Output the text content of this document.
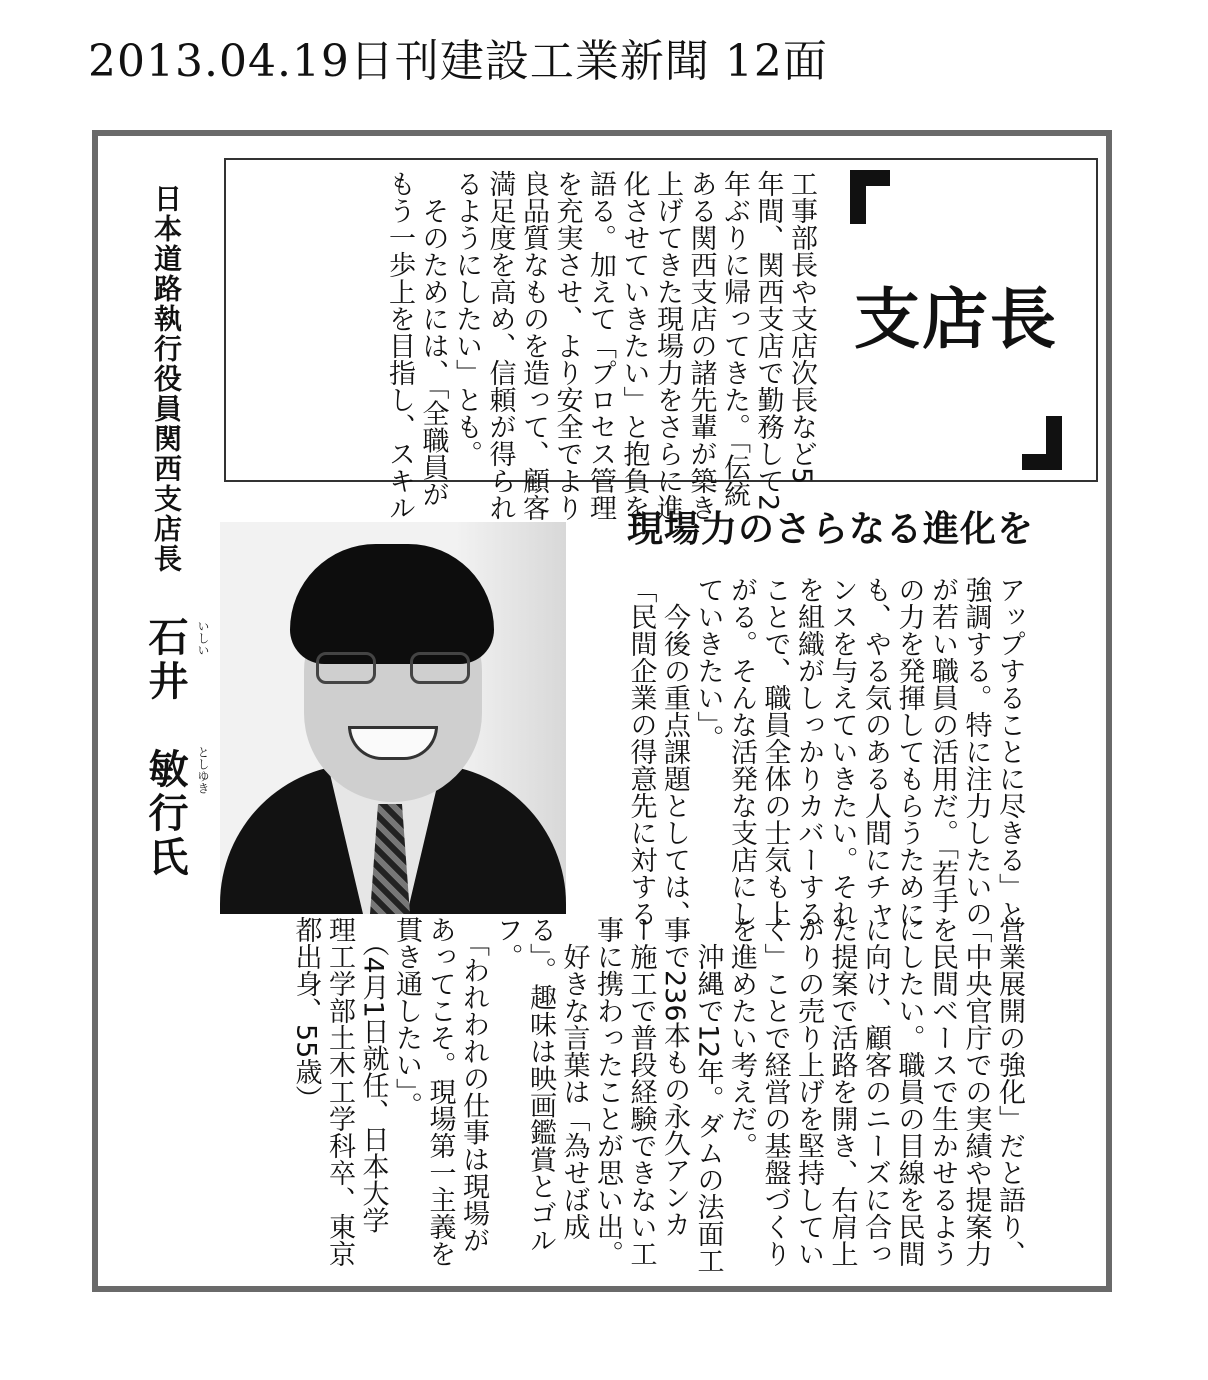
2013.04.19日刊建設工業新聞 12面
支店長
工事部長や支店次長など5
年間、関西支店で勤務して2
年ぶりに帰ってきた。「伝統
ある関西支店の諸先輩が築き
上げてきた現場力をさらに進
化させていきたい」と抱負を
語る。加えて「プロセス管理
を充実させ、より安全でより
良品質なものを造って、顧客
満足度を高め、信頼が得られ
るようにしたい」とも。
　そのためには、「全職員が
もう一歩上を目指し、スキル
現場力のさらなる進化を
アップすることに尽きる」と
強調する。特に注力したいの
が若い職員の活用だ。「若手
の力を発揮してもらうために
も、やる気のある人間にチャ
ンスを与えていきたい。それ
を組織がしっかりカバーする
ことで、職員全体の士気も上
がる。そんな活発な支店にし
ていきたい」。
　今後の重点課題としては、
「民間企業の得意先に対する
日本道路執行役員関西支店長
石井　敏行氏 いしい
としゆき
営業展開の強化」だと語り、
「中央官庁での実績や提案力
を民間ベースで生かせるよう
にしたい。職員の目線を民間
に向け、顧客のニーズに合っ
た提案で活路を開き、右肩上
がりの売り上げを堅持してい
く」ことで経営の基盤づくり
を進めたい考えだ。
　沖縄で12年。ダムの法面工
事で236本もの永久アンカ
ー施工で普段経験できない工
事に携わったことが思い出。
　好きな言葉は「為せば成
る」。趣味は映画鑑賞とゴル
フ。
　「われわれの仕事は現場が
あってこそ。現場第一主義を
貫き通したい」。
　（4月1日就任、日本大学
理工学部土木工学科卒、東京
都出身、55歳）
